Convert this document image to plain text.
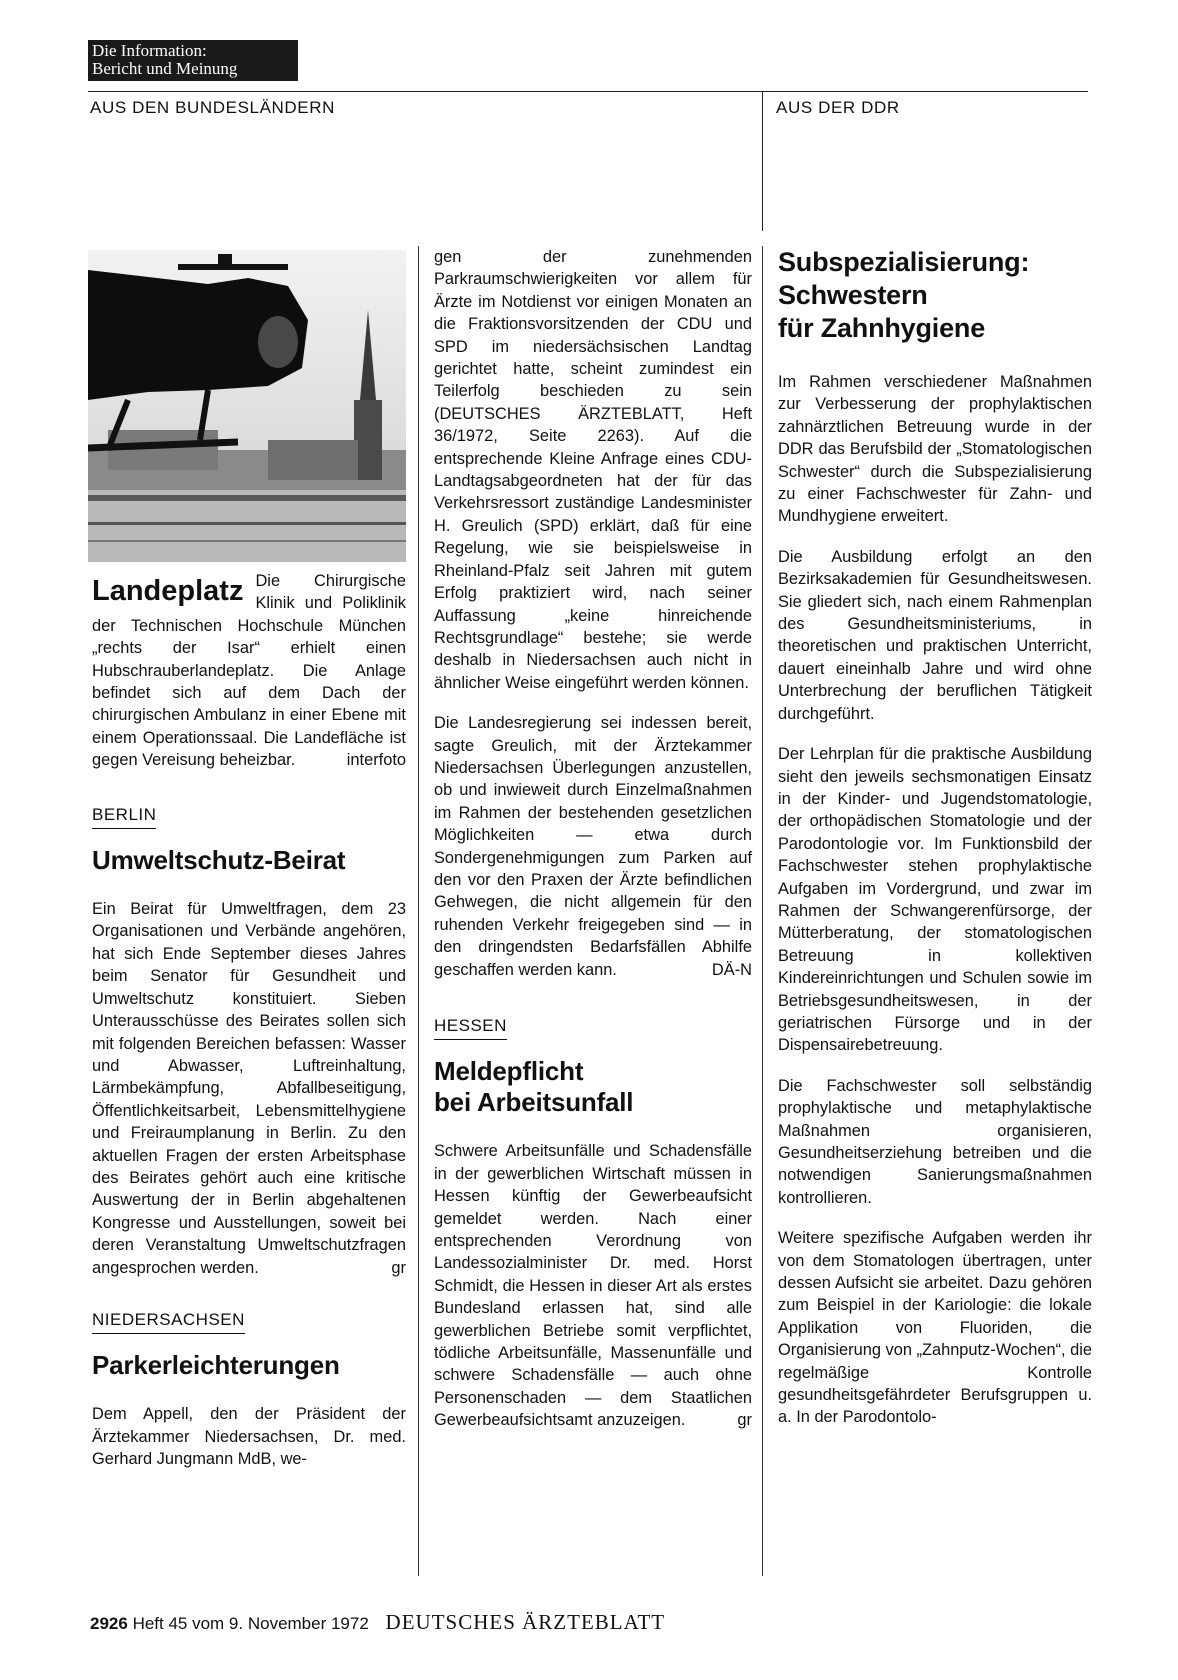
Die Information:
Bericht und Meinung
AUS DEN BUNDESLÄNDERN	AUS DER DDR

Landeplatz Die Chirurgische Klinik und Poliklinik der Technischen Hochschule München „rechts der Isar“ erhielt einen Hubschrauberlandeplatz. Die Anlage befindet sich auf dem Dach der chirurgischen Ambulanz in einer Ebene mit einem Operationssaal. Die Landefläche ist gegen Vereisung beheizbar.	interfoto

BERLIN
Umweltschutz-Beirat

Ein Beirat für Umweltfragen, dem 23 Organisationen und Verbände angehören, hat sich Ende September dieses Jahres beim Senator für Gesundheit und Umweltschutz konstituiert. Sieben Unterausschüsse des Beirates sollen sich mit folgenden Bereichen befassen: Wasser und Abwasser, Luftreinhaltung, Lärmbekämpfung, Abfallbeseitigung, Öffentlichkeitsarbeit, Lebensmittelhygiene und Freiraumplanung in Berlin. Zu den aktuellen Fragen der ersten Arbeitsphase des Beirates gehört auch eine kritische Auswertung der in Berlin abgehaltenen Kongresse und Ausstellungen, soweit bei deren Veranstaltung Umweltschutzfragen angesprochen werden.	gr

NIEDERSACHSEN
Parkerleichterungen

Dem Appell, den der Präsident der Ärztekammer Niedersachsen, Dr. med. Gerhard Jungmann MdB, we-

gen der zunehmenden Parkraumschwierigkeiten vor allem für Ärzte im Notdienst vor einigen Monaten an die Fraktionsvorsitzenden der CDU und SPD im niedersächsischen Landtag gerichtet hatte, scheint zumindest ein Teilerfolg beschieden zu sein (DEUTSCHES ÄRZTEBLATT, Heft 36/1972, Seite 2263). Auf die entsprechende Kleine Anfrage eines CDU-Landtagsabgeordneten hat der für das Verkehrsressort zuständige Landesminister H. Greulich (SPD) erklärt, daß für eine Regelung, wie sie beispielsweise in Rheinland-Pfalz seit Jahren mit gutem Erfolg praktiziert wird, nach seiner Auffassung „keine hinreichende Rechtsgrundlage“ bestehe; sie werde deshalb in Niedersachsen auch nicht in ähnlicher Weise eingeführt werden können.

Die Landesregierung sei indessen bereit, sagte Greulich, mit der Ärztekammer Niedersachsen Überlegungen anzustellen, ob und inwieweit durch Einzelmaßnahmen im Rahmen der bestehenden gesetzlichen Möglichkeiten — etwa durch Sondergenehmigungen zum Parken auf den vor den Praxen der Ärzte befindlichen Gehwegen, die nicht allgemein für den ruhenden Verkehr freigegeben sind — in den dringendsten Bedarfsfällen Abhilfe geschaffen werden kann.	DÄ-N

HESSEN
Meldepflicht
bei Arbeitsunfall

Schwere Arbeitsunfälle und Schadensfälle in der gewerblichen Wirtschaft müssen in Hessen künftig der Gewerbeaufsicht gemeldet werden. Nach einer entsprechenden Verordnung von Landessozialminister Dr. med. Horst Schmidt, die Hessen in dieser Art als erstes Bundesland erlassen hat, sind alle gewerblichen Betriebe somit verpflichtet, tödliche Arbeitsunfälle, Massenunfälle und schwere Schadensfälle — auch ohne Personenschaden — dem Staatlichen Gewerbeaufsichtsamt anzuzeigen.	gr

Subspezialisierung:
Schwestern
für Zahnhygiene

Im Rahmen verschiedener Maßnahmen zur Verbesserung der prophylaktischen zahnärztlichen Betreuung wurde in der DDR das Berufsbild der „Stomatologischen Schwester“ durch die Subspezialisierung zu einer Fachschwester für Zahn- und Mundhygiene erweitert.

Die Ausbildung erfolgt an den Bezirksakademien für Gesundheitswesen. Sie gliedert sich, nach einem Rahmenplan des Gesundheitsministeriums, in theoretischen und praktischen Unterricht, dauert eineinhalb Jahre und wird ohne Unterbrechung der beruflichen Tätigkeit durchgeführt.

Der Lehrplan für die praktische Ausbildung sieht den jeweils sechsmonatigen Einsatz in der Kinder- und Jugendstomatologie, der orthopädischen Stomatologie und der Parodontologie vor. Im Funktionsbild der Fachschwester stehen prophylaktische Aufgaben im Vordergrund, und zwar im Rahmen der Schwangerenfürsorge, der Mütterberatung, der stomatologischen Betreuung in kollektiven Kindereinrichtungen und Schulen sowie im Betriebsgesundheitswesen, in der geriatrischen Fürsorge und in der Dispensairebetreuung.

Die Fachschwester soll selbständig prophylaktische und metaphylaktische Maßnahmen organisieren, Gesundheitserziehung betreiben und die notwendigen Sanierungsmaßnahmen kontrollieren.

Weitere spezifische Aufgaben werden ihr von dem Stomatologen übertragen, unter dessen Aufsicht sie arbeitet. Dazu gehören zum Beispiel in der Kariologie: die lokale Applikation von Fluoriden, die Organisierung von „Zahnputz-Wochen“, die regelmäßige Kontrolle gesundheitsgefährdeter Berufsgruppen u. a. In der Parodontolo-

2926 Heft 45 vom 9. November 1972 DEUTSCHES ÄRZTEBLATT
